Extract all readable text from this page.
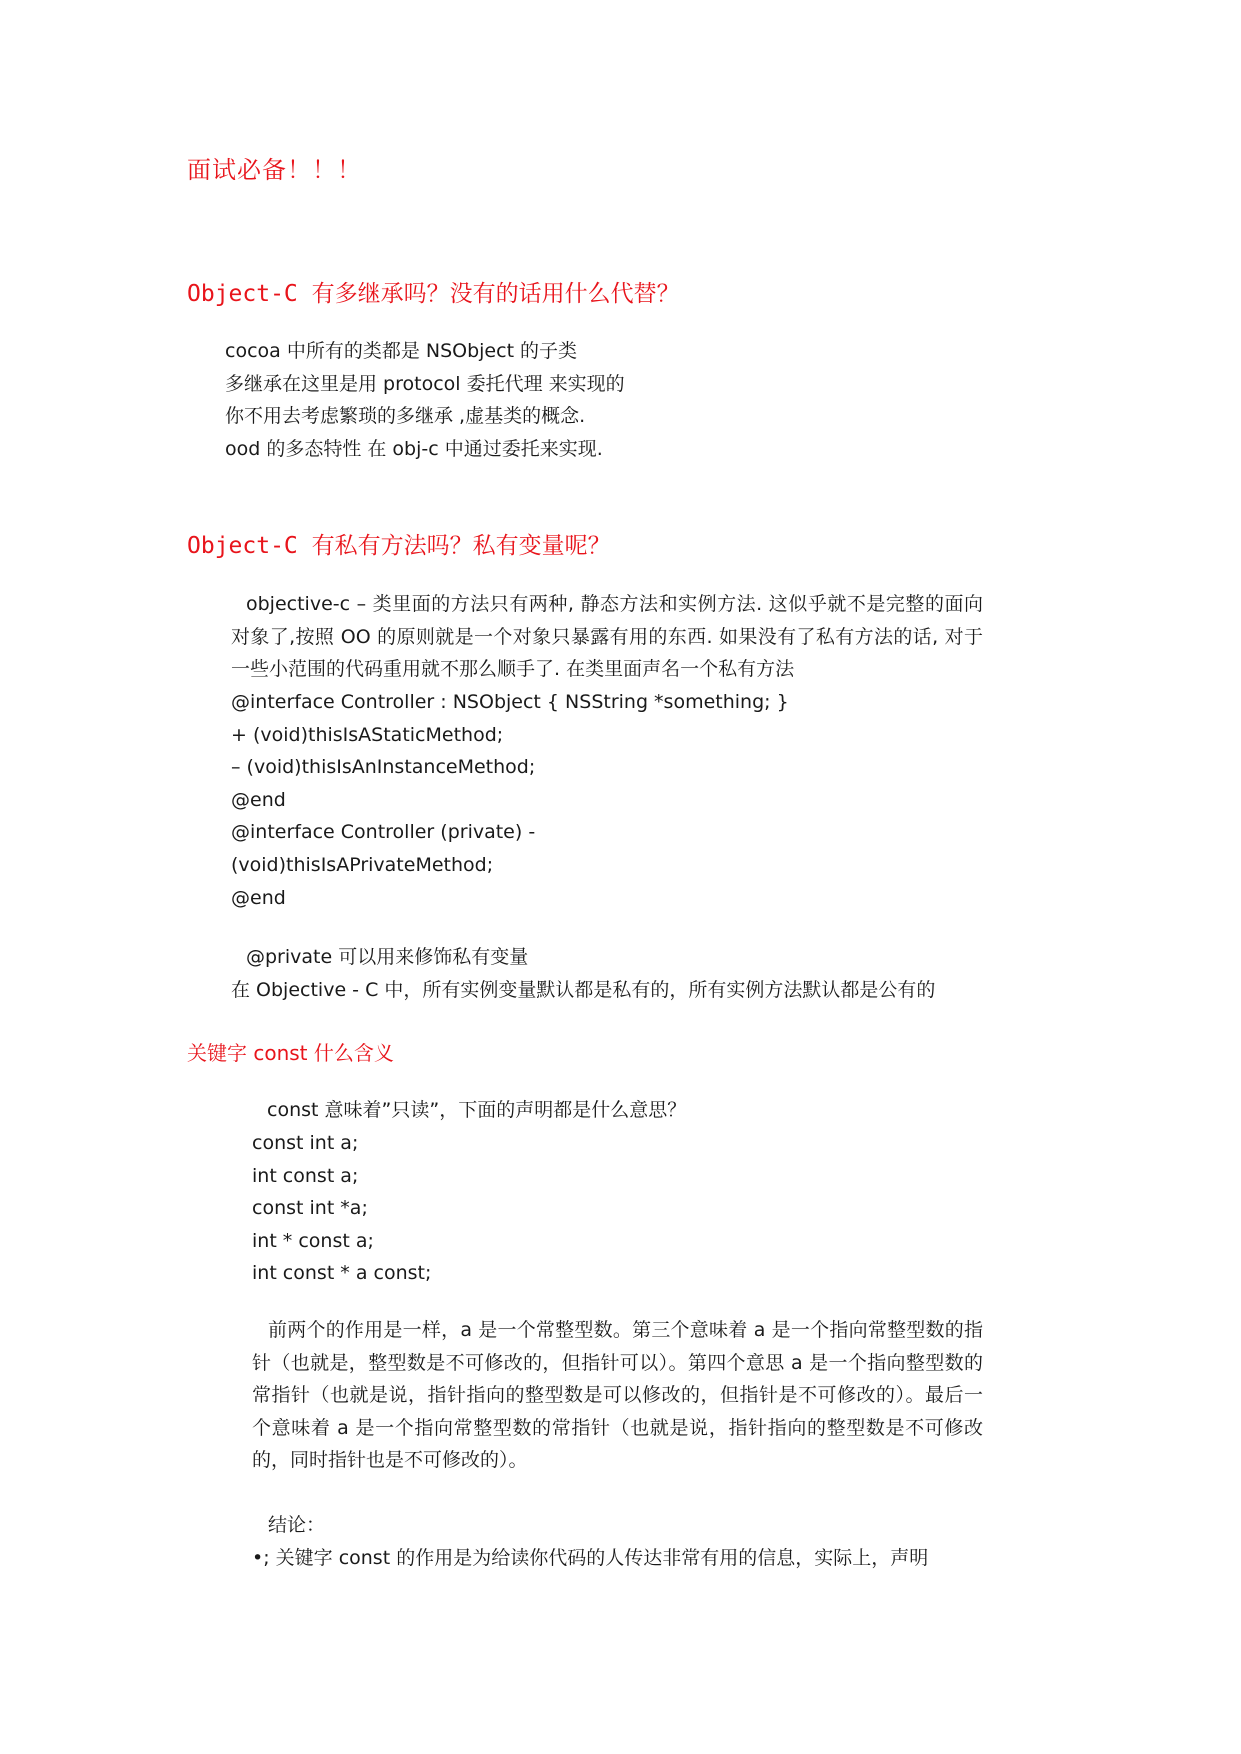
面试必备！！！
Object-C 有多继承吗？没有的话用什么代替？
cocoa 中所有的类都是 NSObject 的子类
多继承在这里是用 protocol 委托代理 来实现的
你不用去考虑繁琐的多继承 ,虚基类的概念.
ood 的多态特性 在 obj-c 中通过委托来实现.
Object-C 有私有方法吗？私有变量呢？
objective-c – 类里面的方法只有两种, 静态方法和实例方法. 这似乎就不是完整的面向对象了,按照 OO 的原则就是一个对象只暴露有用的东西. 如果没有了私有方法的话, 对于一些小范围的代码重用就不那么顺手了. 在类里面声名一个私有方法
@interface Controller : NSObject { NSString *something; }
+ (void)thisIsAStaticMethod;
– (void)thisIsAnInstanceMethod;
@end
@interface Controller (private) -
(void)thisIsAPrivateMethod;
@end
@private 可以用来修饰私有变量
在 Objective - C 中，所有实例变量默认都是私有的，所有实例方法默认都是公有的
关键字 const 什么含义
const 意味着”只读”，下面的声明都是什么意思？
const int a;
int const a;
const int *a;
int * const a;
int const * a const;
前两个的作用是一样，a 是一个常整型数。第三个意味着 a 是一个指向常整型数的指针（也就是，整型数是不可修改的，但指针可以）。第四个意思 a 是一个指向整型数的常指针（也就是说，指针指向的整型数是可以修改的，但指针是不可修改的）。最后一个意味着 a 是一个指向常整型数的常指针（也就是说，指针指向的整型数是不可修改的，同时指针也是不可修改的）。
结论：
•; 关键字 const 的作用是为给读你代码的人传达非常有用的信息，实际上，声明
